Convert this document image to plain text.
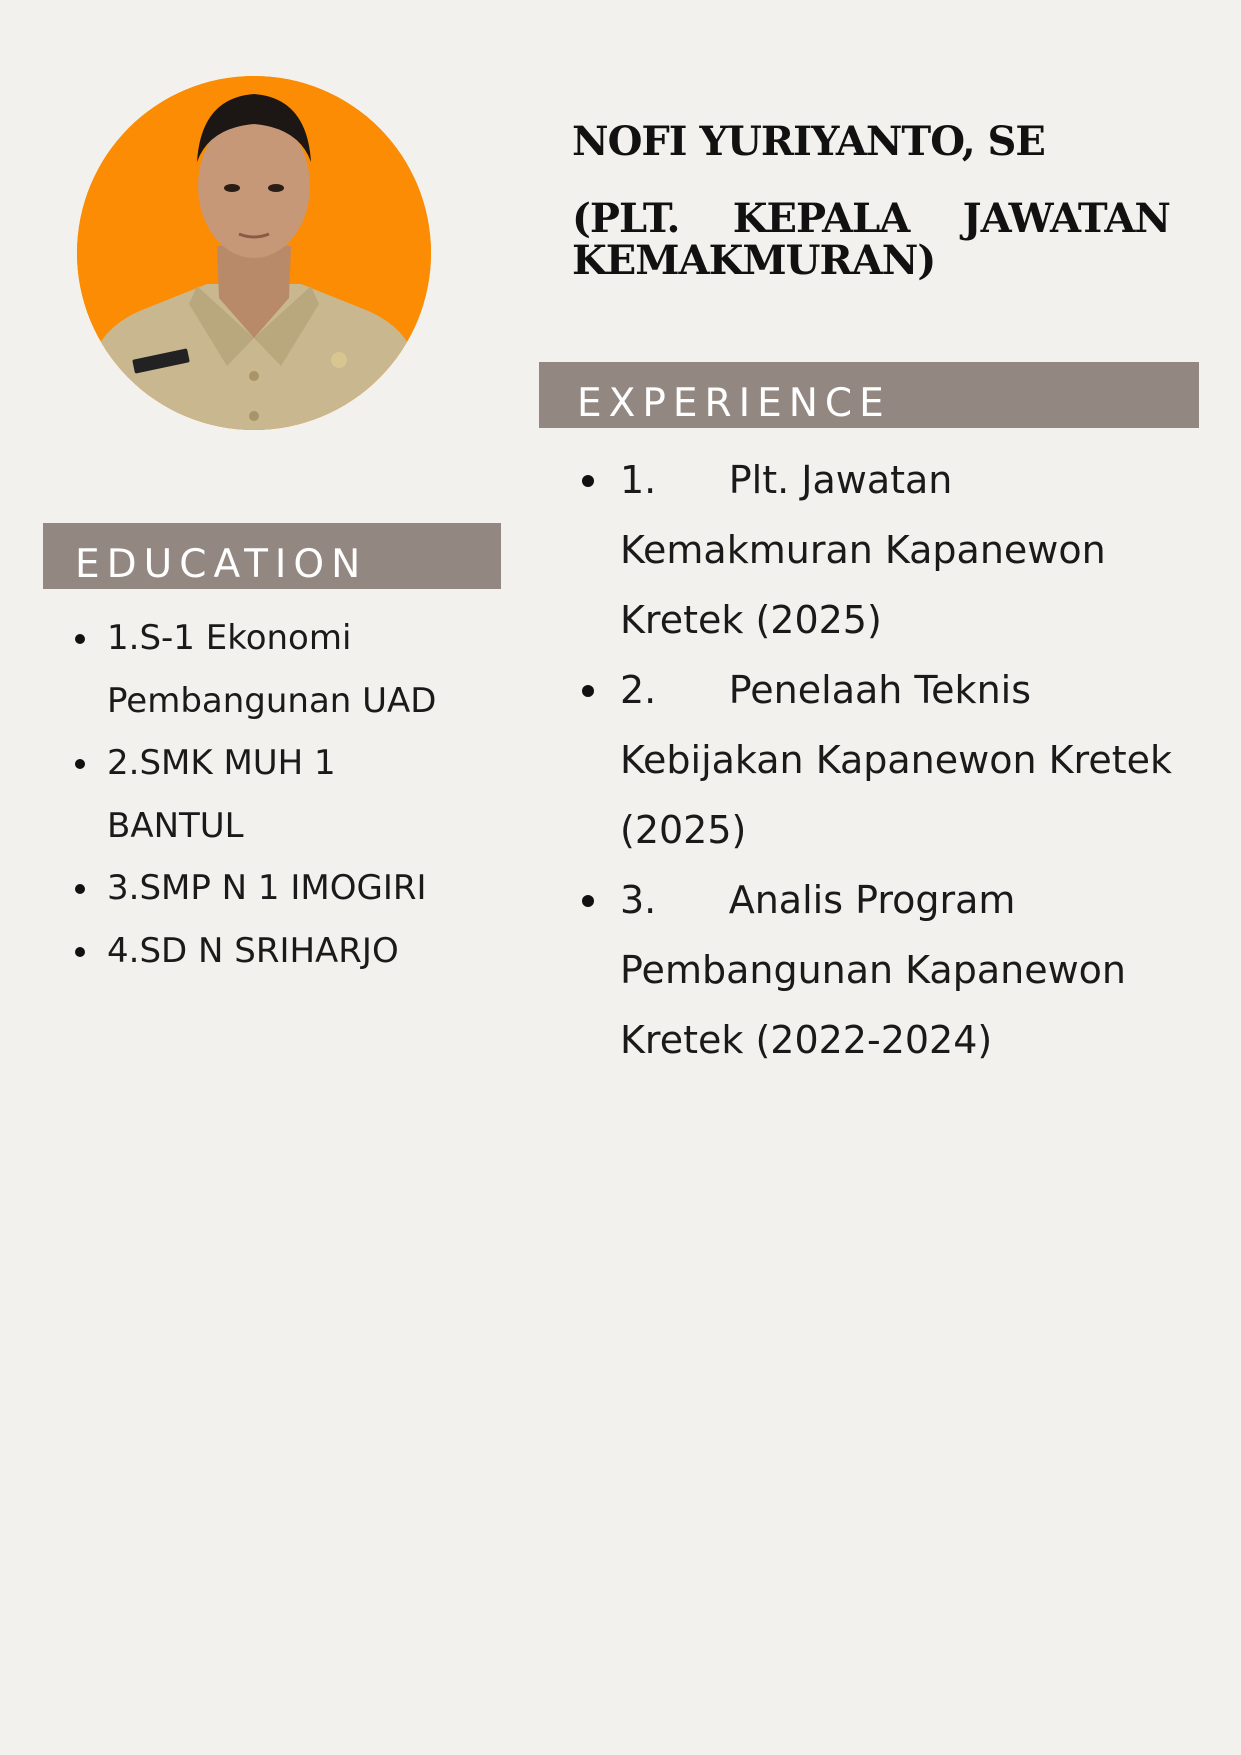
NOFI YURIYANTO, SE
(PLT. KEPALA JAWATAN KEMAKMURAN)
EXPERIENCE
1.      Plt. Jawatan Kemakmuran Kapanewon Kretek (2025)
2.      Penelaah Teknis Kebijakan Kapanewon Kretek (2025)
3.      Analis Program Pembangunan Kapanewon Kretek (2022-2024)
EDUCATION
1.S-1 Ekonomi Pembangunan UAD
2.SMK MUH 1 BANTUL
3.SMP N 1 IMOGIRI
4.SD N SRIHARJO
